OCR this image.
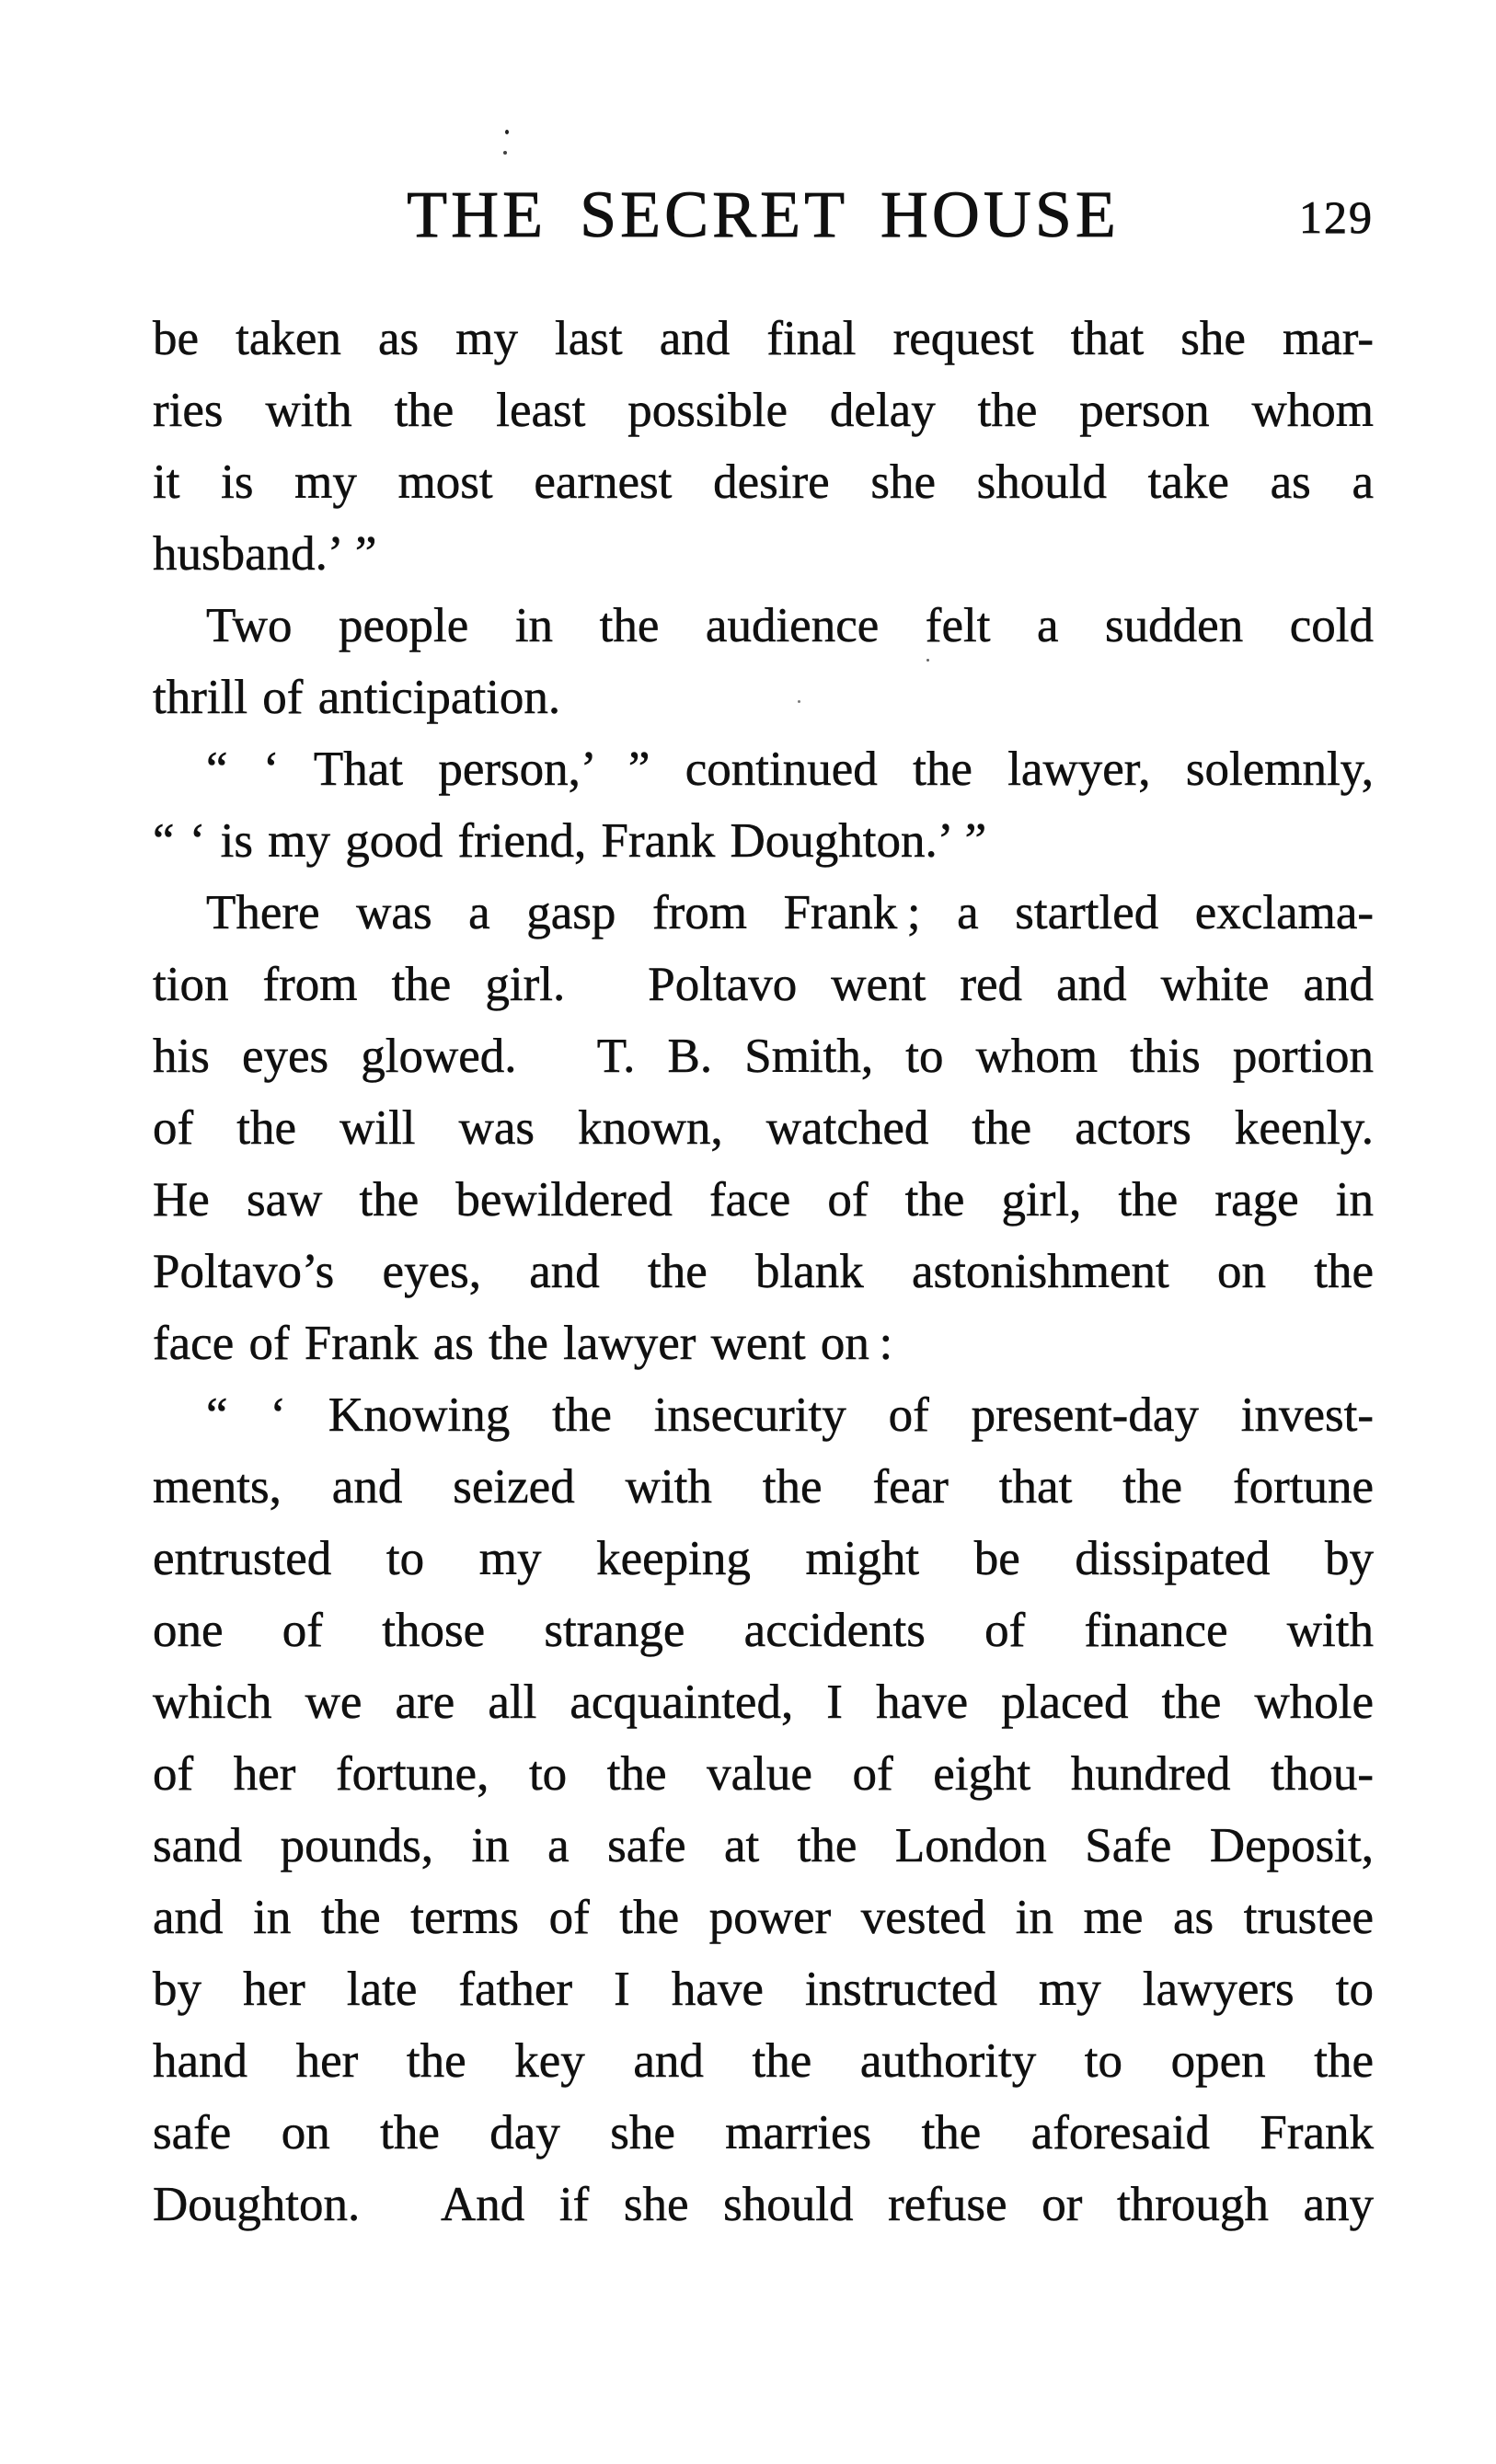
THE SECRET HOUSE	129
be taken as my last and final request that she mar-
ries with the least possible delay the person whom
it is my most earnest desire she should take as a
husband.’ ”
Two people in the audience felt a sudden cold
thrill of anticipation.
“ ‘ That person,’ ” continued the lawyer, solemnly,
“ ‘ is my good friend, Frank Doughton.’ ”
There was a gasp from Frank ; a startled exclama-
tion from the girl.  Poltavo went red and white and
his eyes glowed.  T. B. Smith, to whom this portion
of the will was known, watched the actors keenly.
He saw the bewildered face of the girl, the rage in
Poltavo’s eyes, and the blank astonishment on the
face of Frank as the lawyer went on :
“ ‘ Knowing the insecurity of present-day invest-
ments, and seized with the fear that the fortune
entrusted to my keeping might be dissipated by
one of those strange accidents of finance with
which we are all acquainted, I have placed the whole
of her fortune, to the value of eight hundred thou-
sand pounds, in a safe at the London Safe Deposit,
and in the terms of the power vested in me as trustee
by her late father I have instructed my lawyers to
hand her the key and the authority to open the
safe on the day she marries the aforesaid Frank
Doughton.  And if she should refuse or through any
